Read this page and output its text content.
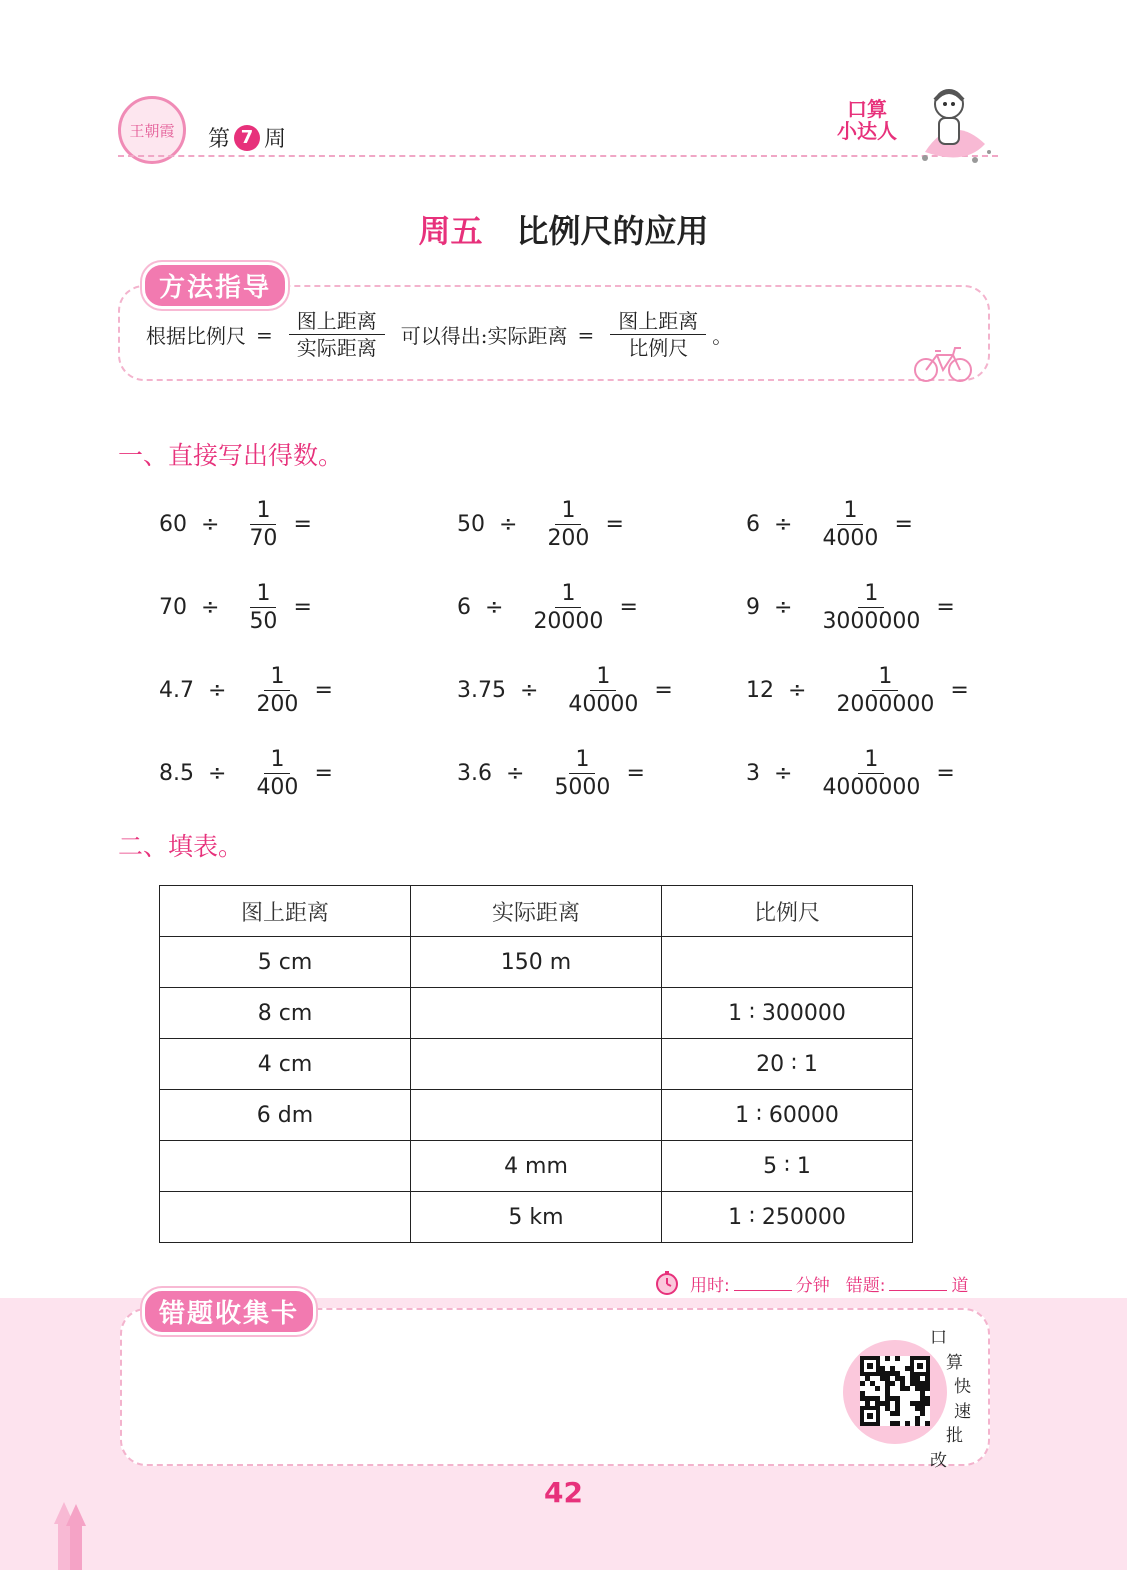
王朝霞 第 7 周
口算
小达人
周五 比例尺的应用
方法指导
根据比例尺 = $\frac{\text{图上距离}}{\text{实际距离}}$ 可以得出:实际距离 = $\frac{\text{图上距离}}{\text{比例尺}}$ 。
一、直接写出得数。
$60 \div \frac{1}{70}$ =	$50 \div \frac{1}{200}$ =	$6 \div \frac{1}{4000}$ =
$70 \div \frac{1}{50}$ =	$6 \div \frac{1}{20000}$ =	$9 \div \frac{1}{3000000}$ =
$4.7 \div \frac{1}{200}$ =	$3.75 \div \frac{1}{40000}$ =	$12 \div \frac{1}{2000000}$ =
$8.5 \div \frac{1}{400}$ =	$3.6 \div \frac{1}{5000}$ =	$3 \div \frac{1}{4000000}$ =
二、填表。
图上距离	实际距离	比例尺
5 cm	150 m	
8 cm		1 ∶ 300000
4 cm		20 ∶ 1
6 dm		1 ∶ 60000
	4 mm	5 ∶ 1
	5 km	1 ∶ 250000
用时:	分钟 错题:	道
错题收集卡
口
算
快
速
批
改
42
